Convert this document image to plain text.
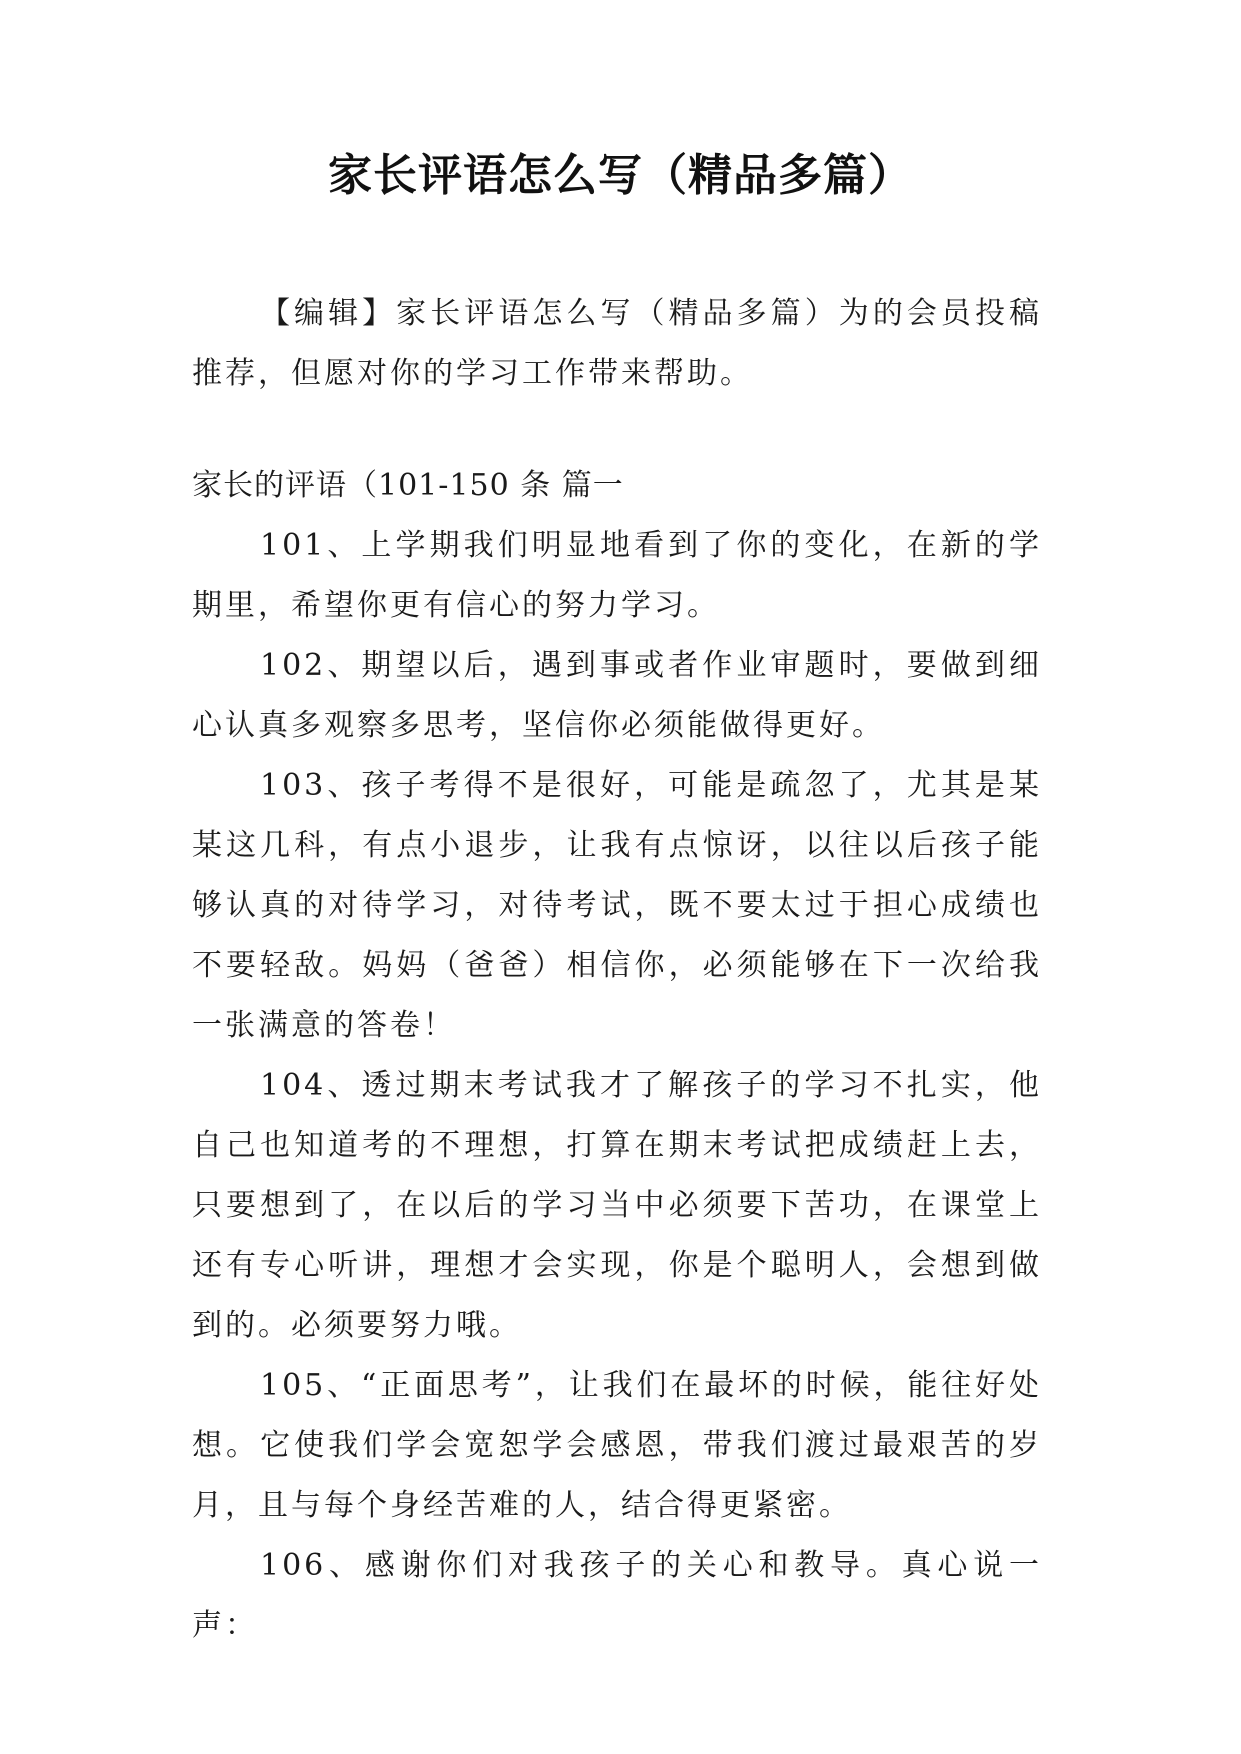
家长评语怎么写（精品多篇）

【编辑】家长评语怎么写（精品多篇）为的会员投稿推荐，但愿对你的学习工作带来帮助。

家长的评语（101-150 条 篇一

101、上学期我们明显地看到了你的变化，在新的学期里，希望你更有信心的努力学习。

102、期望以后，遇到事或者作业审题时，要做到细心认真多观察多思考，坚信你必须能做得更好。

103、孩子考得不是很好，可能是疏忽了，尤其是某某这几科，有点小退步，让我有点惊讶，以往以后孩子能够认真的对待学习，对待考试，既不要太过于担心成绩也不要轻敌。妈妈（爸爸）相信你，必须能够在下一次给我一张满意的答卷！

104、透过期末考试我才了解孩子的学习不扎实，他自己也知道考的不理想，打算在期末考试把成绩赶上去，只要想到了，在以后的学习当中必须要下苦功，在课堂上还有专心听讲，理想才会实现，你是个聪明人，会想到做到的。必须要努力哦。

105、“正面思考”，让我们在最坏的时候，能往好处想。它使我们学会宽恕学会感恩，带我们渡过最艰苦的岁月，且与每个身经苦难的人，结合得更紧密。

106、感谢你们对我孩子的关心和教导。真心说一声：
